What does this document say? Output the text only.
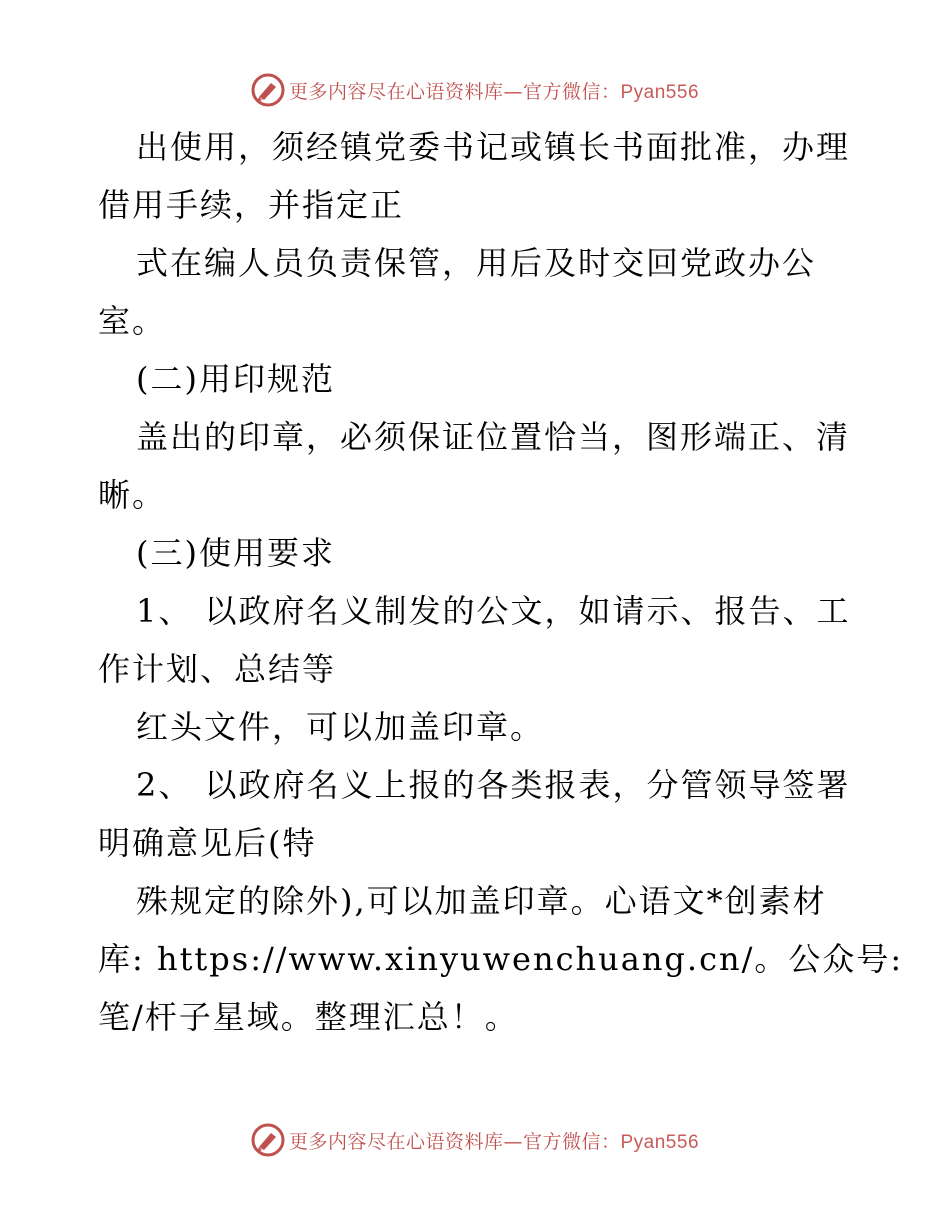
更多内容尽在心语资料库—官方微信：Pyan556
出使用，须经镇党委书记或镇长书面批准，办理
借用手续，并指定正
式在编人员负责保管，用后及时交回党政办公
室。
(二)用印规范
盖出的印章，必须保证位置恰当，图形端正、清
晰。
(三)使用要求
1、 以政府名义制发的公文，如请示、报告、工
作计划、总结等
红头文件，可以加盖印章。
2、 以政府名义上报的各类报表，分管领导签署
明确意见后(特
殊规定的除外),可以加盖印章。心语文*创素材
库: https://www.xinyuwenchuang.cn/。公众号:
笔/杆子星域。整理汇总！。
更多内容尽在心语资料库—官方微信：Pyan556
